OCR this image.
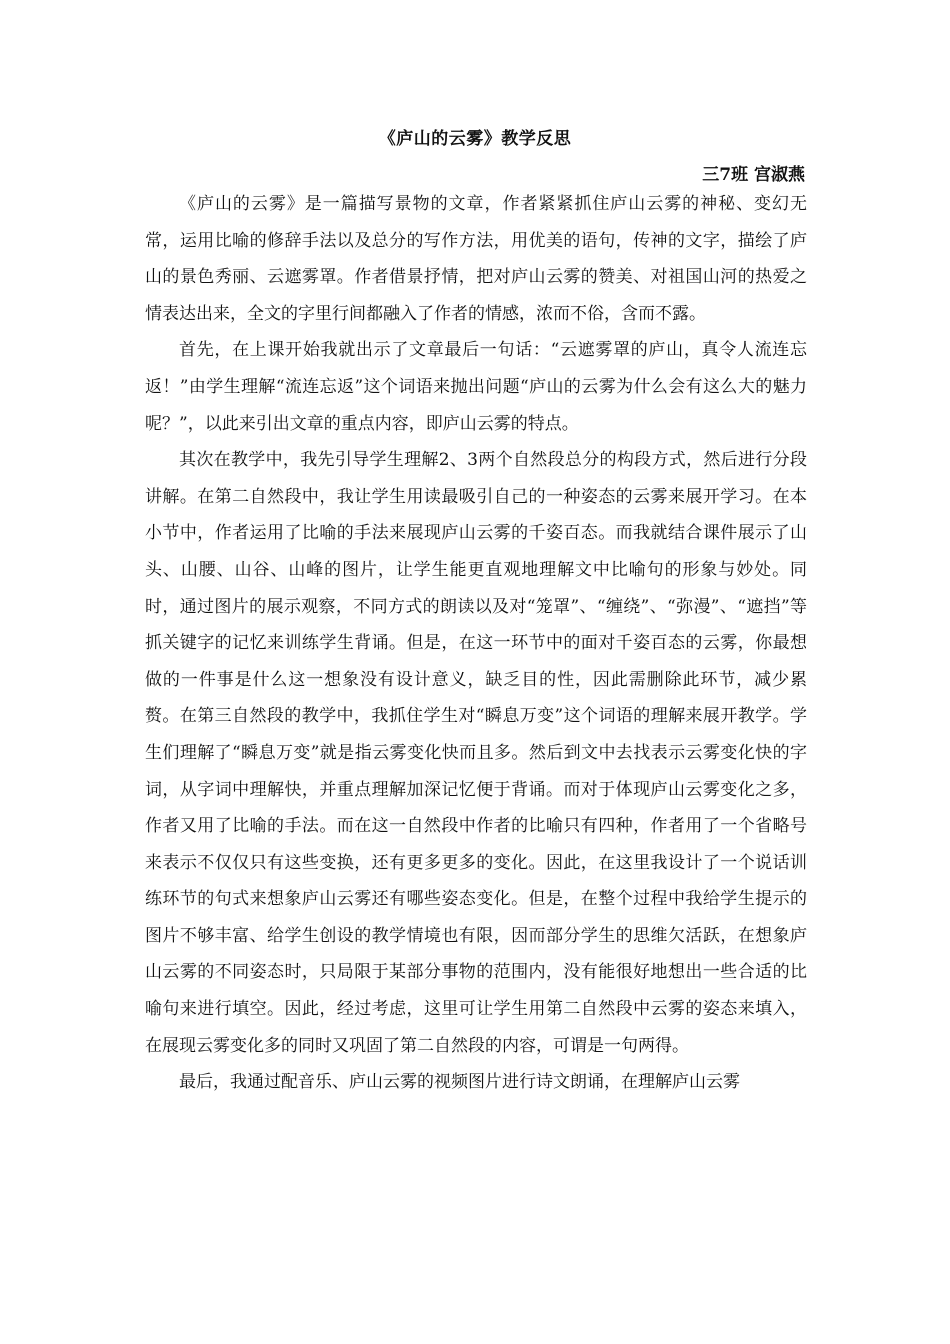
《庐山的云雾》教学反思
三7班 宫淑燕

《庐山的云雾》是一篇描写景物的文章，作者紧紧抓住庐山云雾的神秘、变幻无常，运用比喻的修辞手法以及总分的写作方法，用优美的语句，传神的文字，描绘了庐山的景色秀丽、云遮雾罩。作者借景抒情，把对庐山云雾的赞美、对祖国山河的热爱之情表达出来，全文的字里行间都融入了作者的情感，浓而不俗，含而不露。

首先，在上课开始我就出示了文章最后一句话：“云遮雾罩的庐山，真令人流连忘返！”由学生理解“流连忘返”这个词语来抛出问题“庐山的云雾为什么会有这么大的魅力呢？”，以此来引出文章的重点内容，即庐山云雾的特点。

其次在教学中，我先引导学生理解2、3两个自然段总分的构段方式，然后进行分段讲解。在第二自然段中，我让学生用读最吸引自己的一种姿态的云雾来展开学习。在本小节中，作者运用了比喻的手法来展现庐山云雾的千姿百态。而我就结合课件展示了山头、山腰、山谷、山峰的图片，让学生能更直观地理解文中比喻句的形象与妙处。同时，通过图片的展示观察，不同方式的朗读以及对“笼罩”、“缠绕”、“弥漫”、“遮挡”等抓关键字的记忆来训练学生背诵。但是，在这一环节中的面对千姿百态的云雾，你最想做的一件事是什么这一想象没有设计意义，缺乏目的性，因此需删除此环节，减少累赘。在第三自然段的教学中，我抓住学生对“瞬息万变”这个词语的理解来展开教学。学生们理解了“瞬息万变”就是指云雾变化快而且多。然后到文中去找表示云雾变化快的字词，从字词中理解快，并重点理解加深记忆便于背诵。而对于体现庐山云雾变化之多，作者又用了比喻的手法。而在这一自然段中作者的比喻只有四种，作者用了一个省略号来表示不仅仅只有这些变换，还有更多更多的变化。因此，在这里我设计了一个说话训练环节的句式来想象庐山云雾还有哪些姿态变化。但是，在整个过程中我给学生提示的图片不够丰富、给学生创设的教学情境也有限，因而部分学生的思维欠活跃，在想象庐山云雾的不同姿态时，只局限于某部分事物的范围内，没有能很好地想出一些合适的比喻句来进行填空。因此，经过考虑，这里可让学生用第二自然段中云雾的姿态来填入，在展现云雾变化多的同时又巩固了第二自然段的内容，可谓是一句两得。

最后，我通过配音乐、庐山云雾的视频图片进行诗文朗诵，在理解庐山云雾
